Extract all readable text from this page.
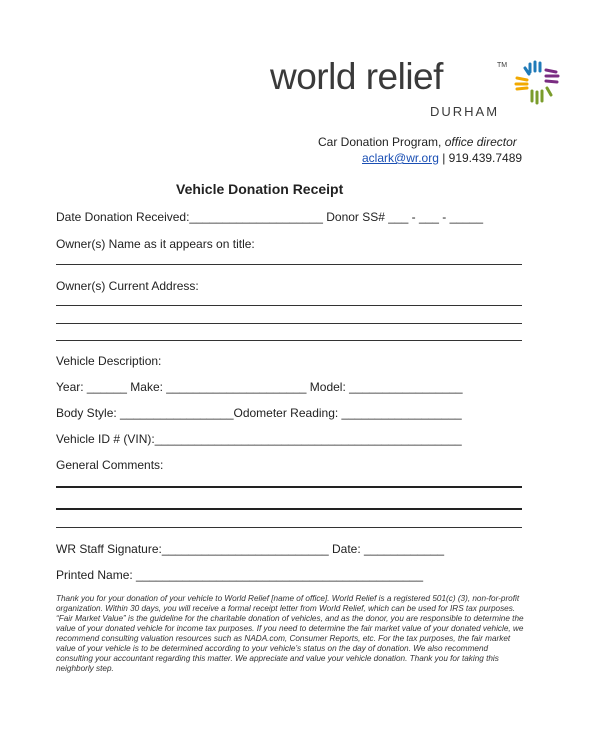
world relief	TM
DURHAM
Car Donation Program, office director
aclark@wr.org | 919.439.7489
Vehicle Donation Receipt
Date Donation Received:____________________ Donor SS# ___ - ___ - _____
Owner(s) Name as it appears on title:
Owner(s) Current Address:
Vehicle Description:
Year: ______ Make: _____________________ Model: _________________
Body Style: _________________Odometer Reading: __________________
Vehicle ID # (VIN):______________________________________________
General Comments:
WR Staff Signature:_________________________ Date: ____________
Printed Name: ___________________________________________
Thank you for your donation of your vehicle to World Relief [name of office]. World Relief is a registered 501(c) (3), non-for-profit organization. Within 30 days, you will receive a formal receipt letter from World Relief, which can be used for IRS tax purposes. “Fair Market Value” is the guideline for the charitable donation of vehicles, and as the donor, you are responsible to determine the value of your donated vehicle for income tax purposes. If you need to determine the fair market value of your donated vehicle, we recommend consulting valuation resources such as NADA.com, Consumer Reports, etc. For the tax purposes, the fair market value of your vehicle is to be determined according to your vehicle’s status on the day of donation. We also recommend consulting your accountant regarding this matter. We appreciate and value your vehicle donation. Thank you for taking this neighborly step.
